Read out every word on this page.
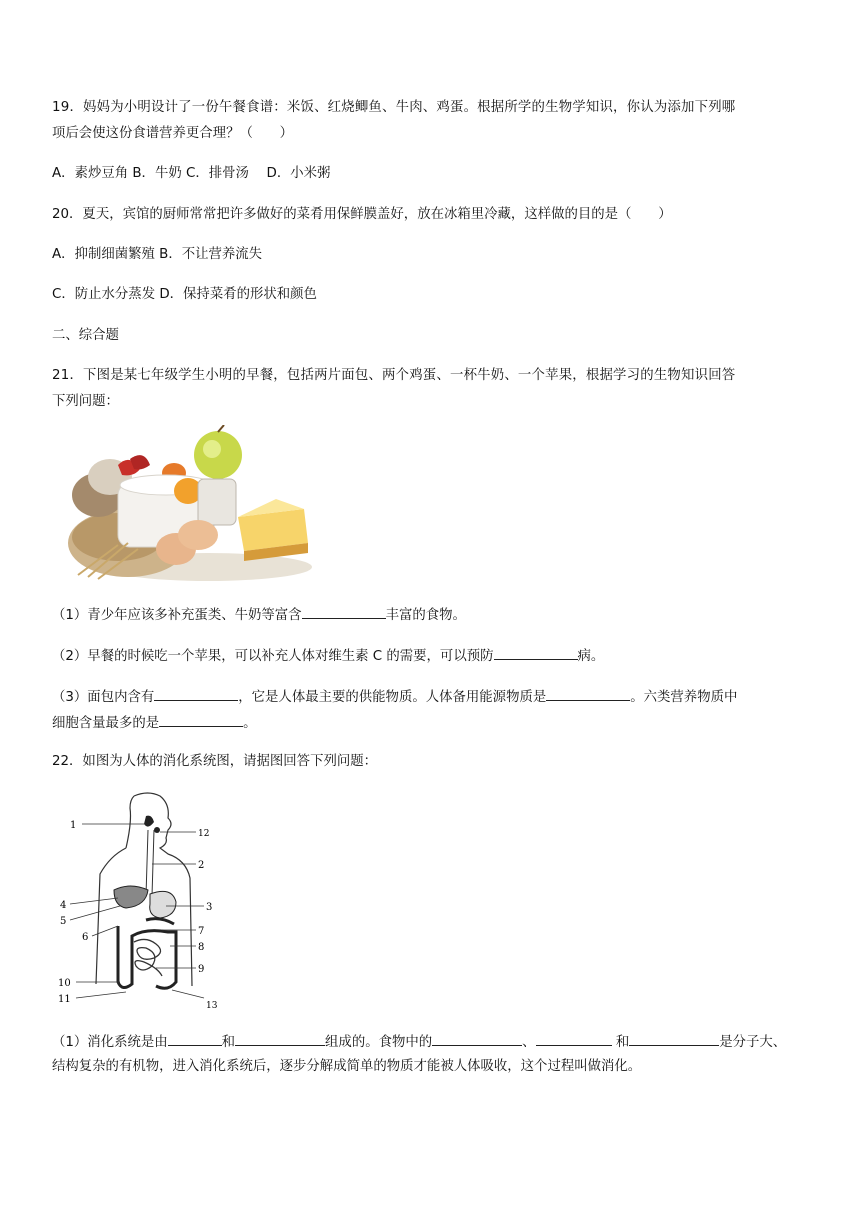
19．妈妈为小明设计了一份午餐食谱：米饭、红烧鲫鱼、牛肉、鸡蛋。根据所学的生物学知识，你认为添加下列哪
项后会使这份食谱营养更合理？（　　）
A．素炒豆角 B．牛奶 C．排骨汤　 D．小米粥
20．夏天，宾馆的厨师常常把许多做好的菜肴用保鲜膜盖好，放在冰箱里冷藏，这样做的目的是（　　）
A．抑制细菌繁殖 B．不让营养流失
C．防止水分蒸发 D．保持菜肴的形状和颜色
二、综合题
21．下图是某七年级学生小明的早餐，包括两片面包、两个鸡蛋、一杯牛奶、一个苹果，根据学习的生物知识回答
下列问题：
（1）青少年应该多补充蛋类、牛奶等富含	丰富的食物。
（2）早餐的时候吃一个苹果，可以补充人体对维生素 C 的需要，可以预防	病。
（3）面包内含有	，它是人体最主要的供能物质。人体备用能源物质是	。六类营养物质中
细胞含量最多的是	。
22．如图为人体的消化系统图，请据图回答下列问题：
1
12
2
4	3
5
6
7
8
9
10
11
13
（1）消化系统是由	和	组成的。食物中的	、	和	是分子大、
结构复杂的有机物，进入消化系统后，逐步分解成简单的物质才能被人体吸收，这个过程叫做消化。
